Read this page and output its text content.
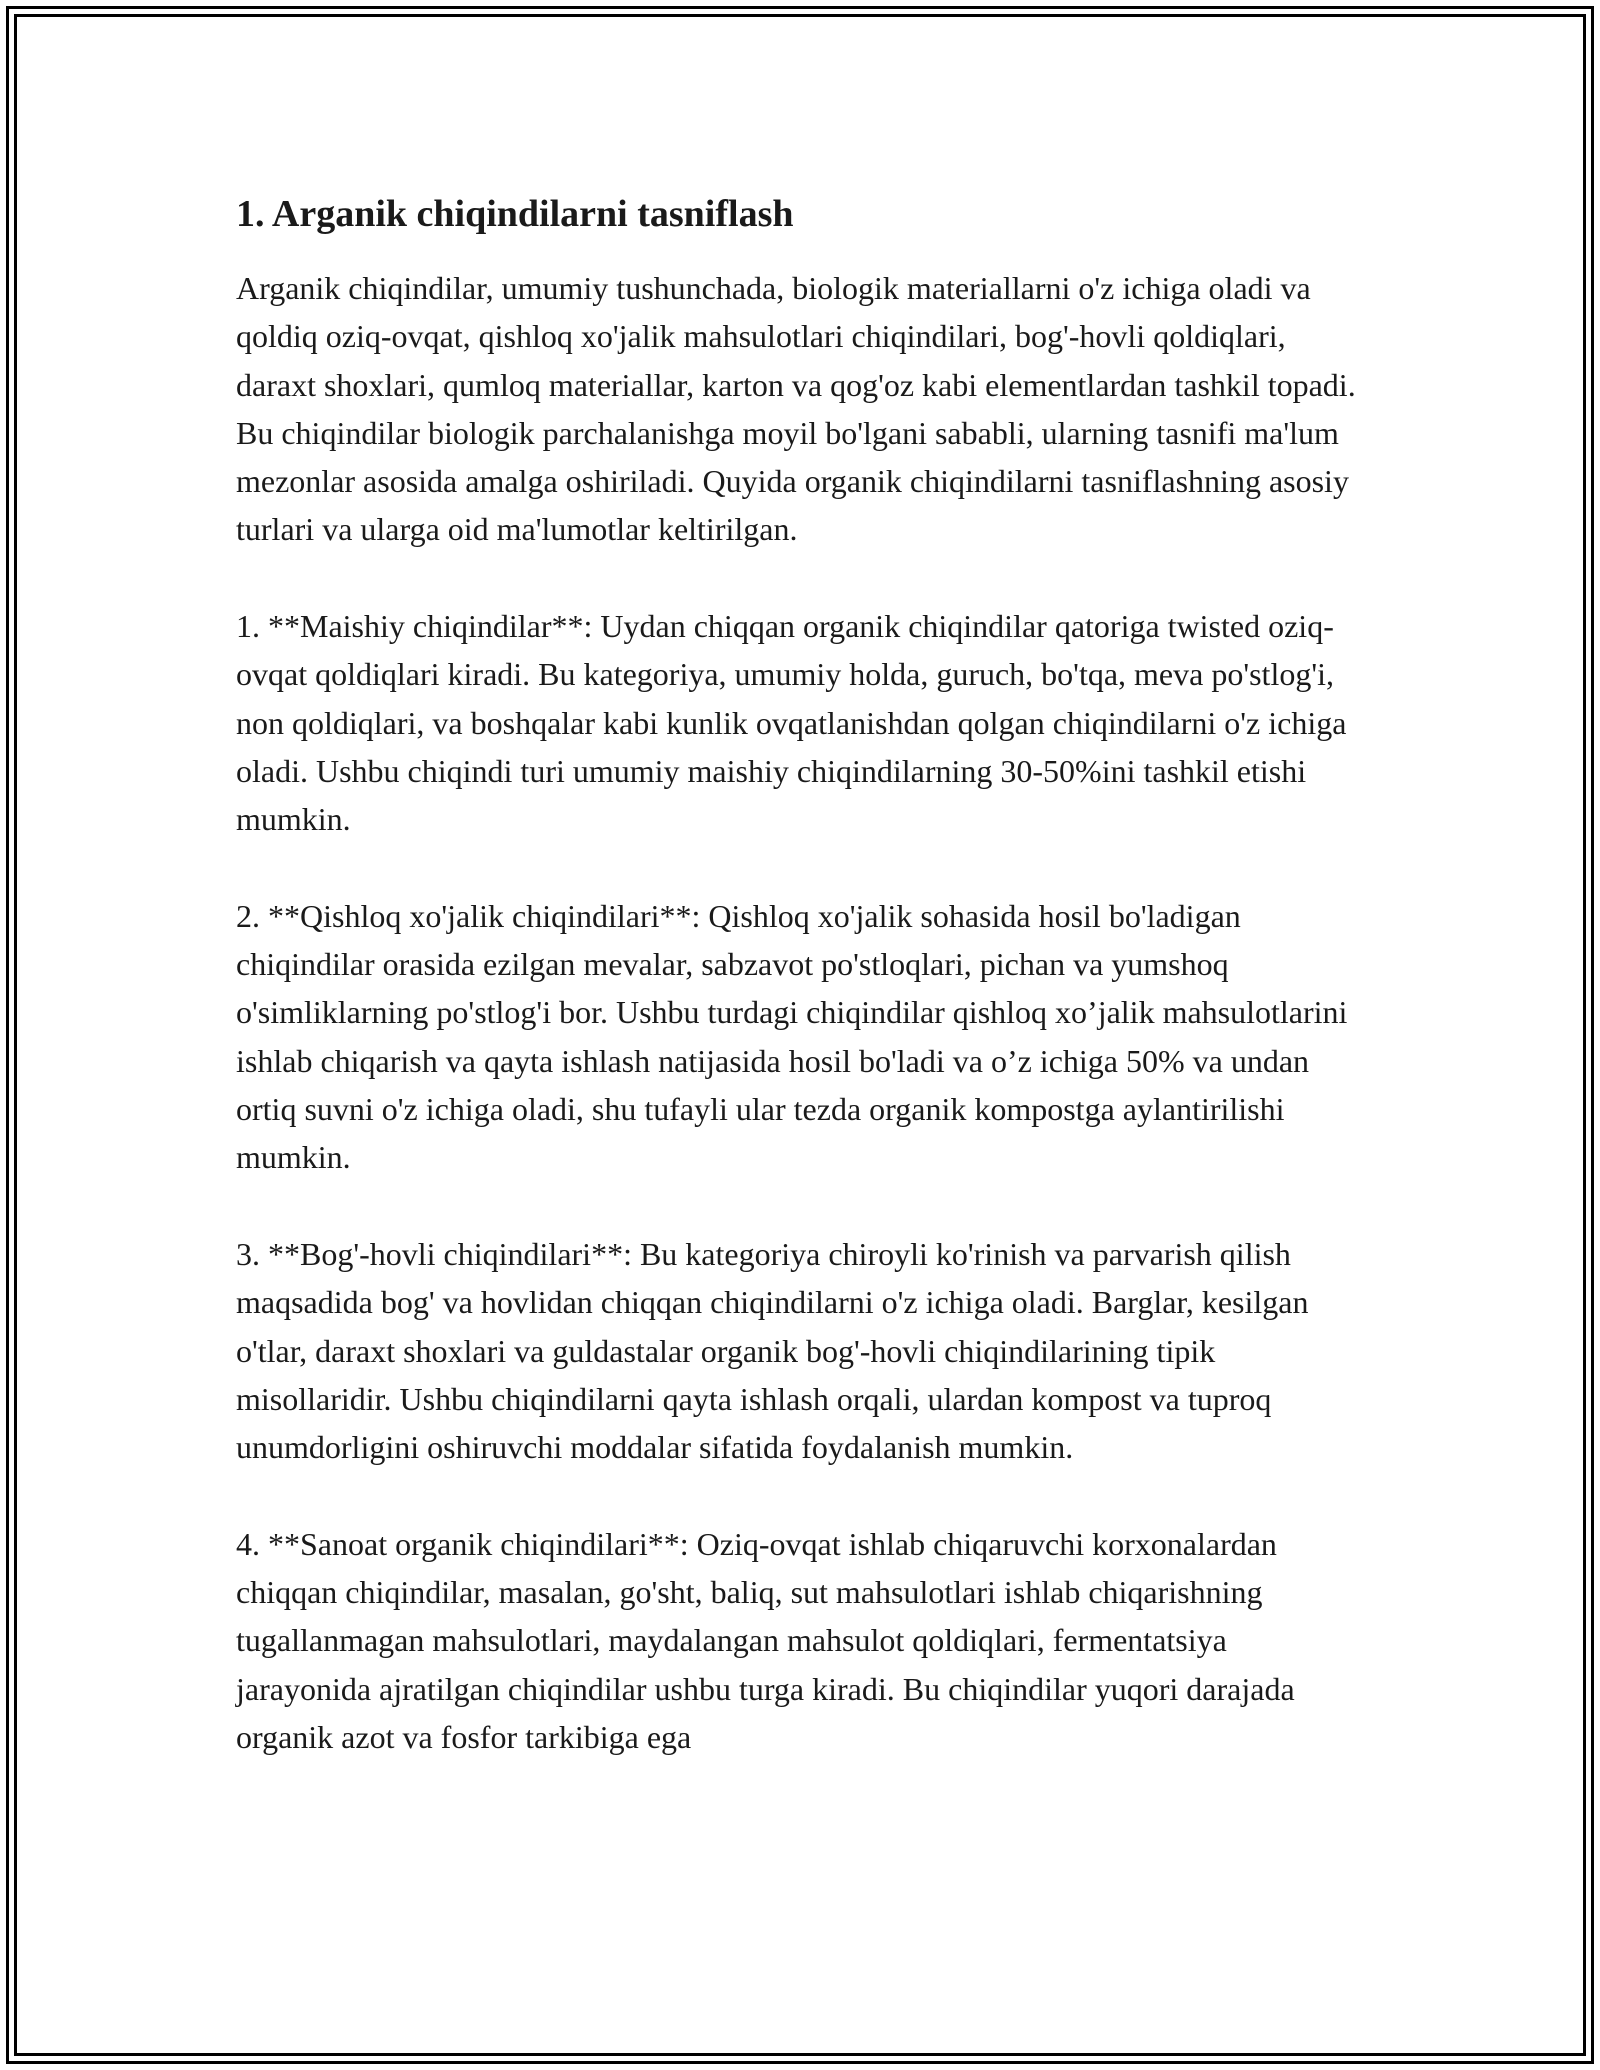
1. Arganik chiqindilarni tasniflash

Arganik chiqindilar, umumiy tushunchada, biologik materiallarni o'z ichiga oladi va qoldiq oziq-ovqat, qishloq xo'jalik mahsulotlari chiqindilari, bog'-hovli qoldiqlari, daraxt shoxlari, qumloq materiallar, karton va qog'oz kabi elementlardan tashkil topadi. Bu chiqindilar biologik parchalanishga moyil bo'lgani sababli, ularning tasnifi ma'lum mezonlar asosida amalga oshiriladi. Quyida organik chiqindilarni tasniflashning asosiy turlari va ularga oid ma'lumotlar keltirilgan.

1. **Maishiy chiqindilar**: Uydan chiqqan organik chiqindilar qatoriga twisted oziq-ovqat qoldiqlari kiradi. Bu kategoriya, umumiy holda, guruch, bo'tqa, meva po'stlog'i, non qoldiqlari, va boshqalar kabi kunlik ovqatlanishdan qolgan chiqindilarni o'z ichiga oladi. Ushbu chiqindi turi umumiy maishiy chiqindilarning 30-50%ini tashkil etishi mumkin.

2. **Qishloq xo'jalik chiqindilari**: Qishloq xo'jalik sohasida hosil bo'ladigan chiqindilar orasida ezilgan mevalar, sabzavot po'stloqlari, pichan va yumshoq o'simliklarning po'stlog'i bor. Ushbu turdagi chiqindilar qishloq xo’jalik mahsulotlarini ishlab chiqarish va qayta ishlash natijasida hosil bo'ladi va o’z ichiga 50% va undan ortiq suvni o'z ichiga oladi, shu tufayli ular tezda organik kompostga aylantirilishi mumkin.

3. **Bog'-hovli chiqindilari**: Bu kategoriya chiroyli ko'rinish va parvarish qilish maqsadida bog' va hovlidan chiqqan chiqindilarni o'z ichiga oladi. Barglar, kesilgan o'tlar, daraxt shoxlari va guldastalar organik bog'-hovli chiqindilarining tipik misollaridir. Ushbu chiqindilarni qayta ishlash orqali, ulardan kompost va tuproq unumdorligini oshiruvchi moddalar sifatida foydalanish mumkin.

4. **Sanoat organik chiqindilari**: Oziq-ovqat ishlab chiqaruvchi korxonalardan chiqqan chiqindilar, masalan, go'sht, baliq, sut mahsulotlari ishlab chiqarishning tugallanmagan mahsulotlari, maydalangan mahsulot qoldiqlari, fermentatsiya jarayonida ajratilgan chiqindilar ushbu turga kiradi. Bu chiqindilar yuqori darajada organik azot va fosfor tarkibiga ega
